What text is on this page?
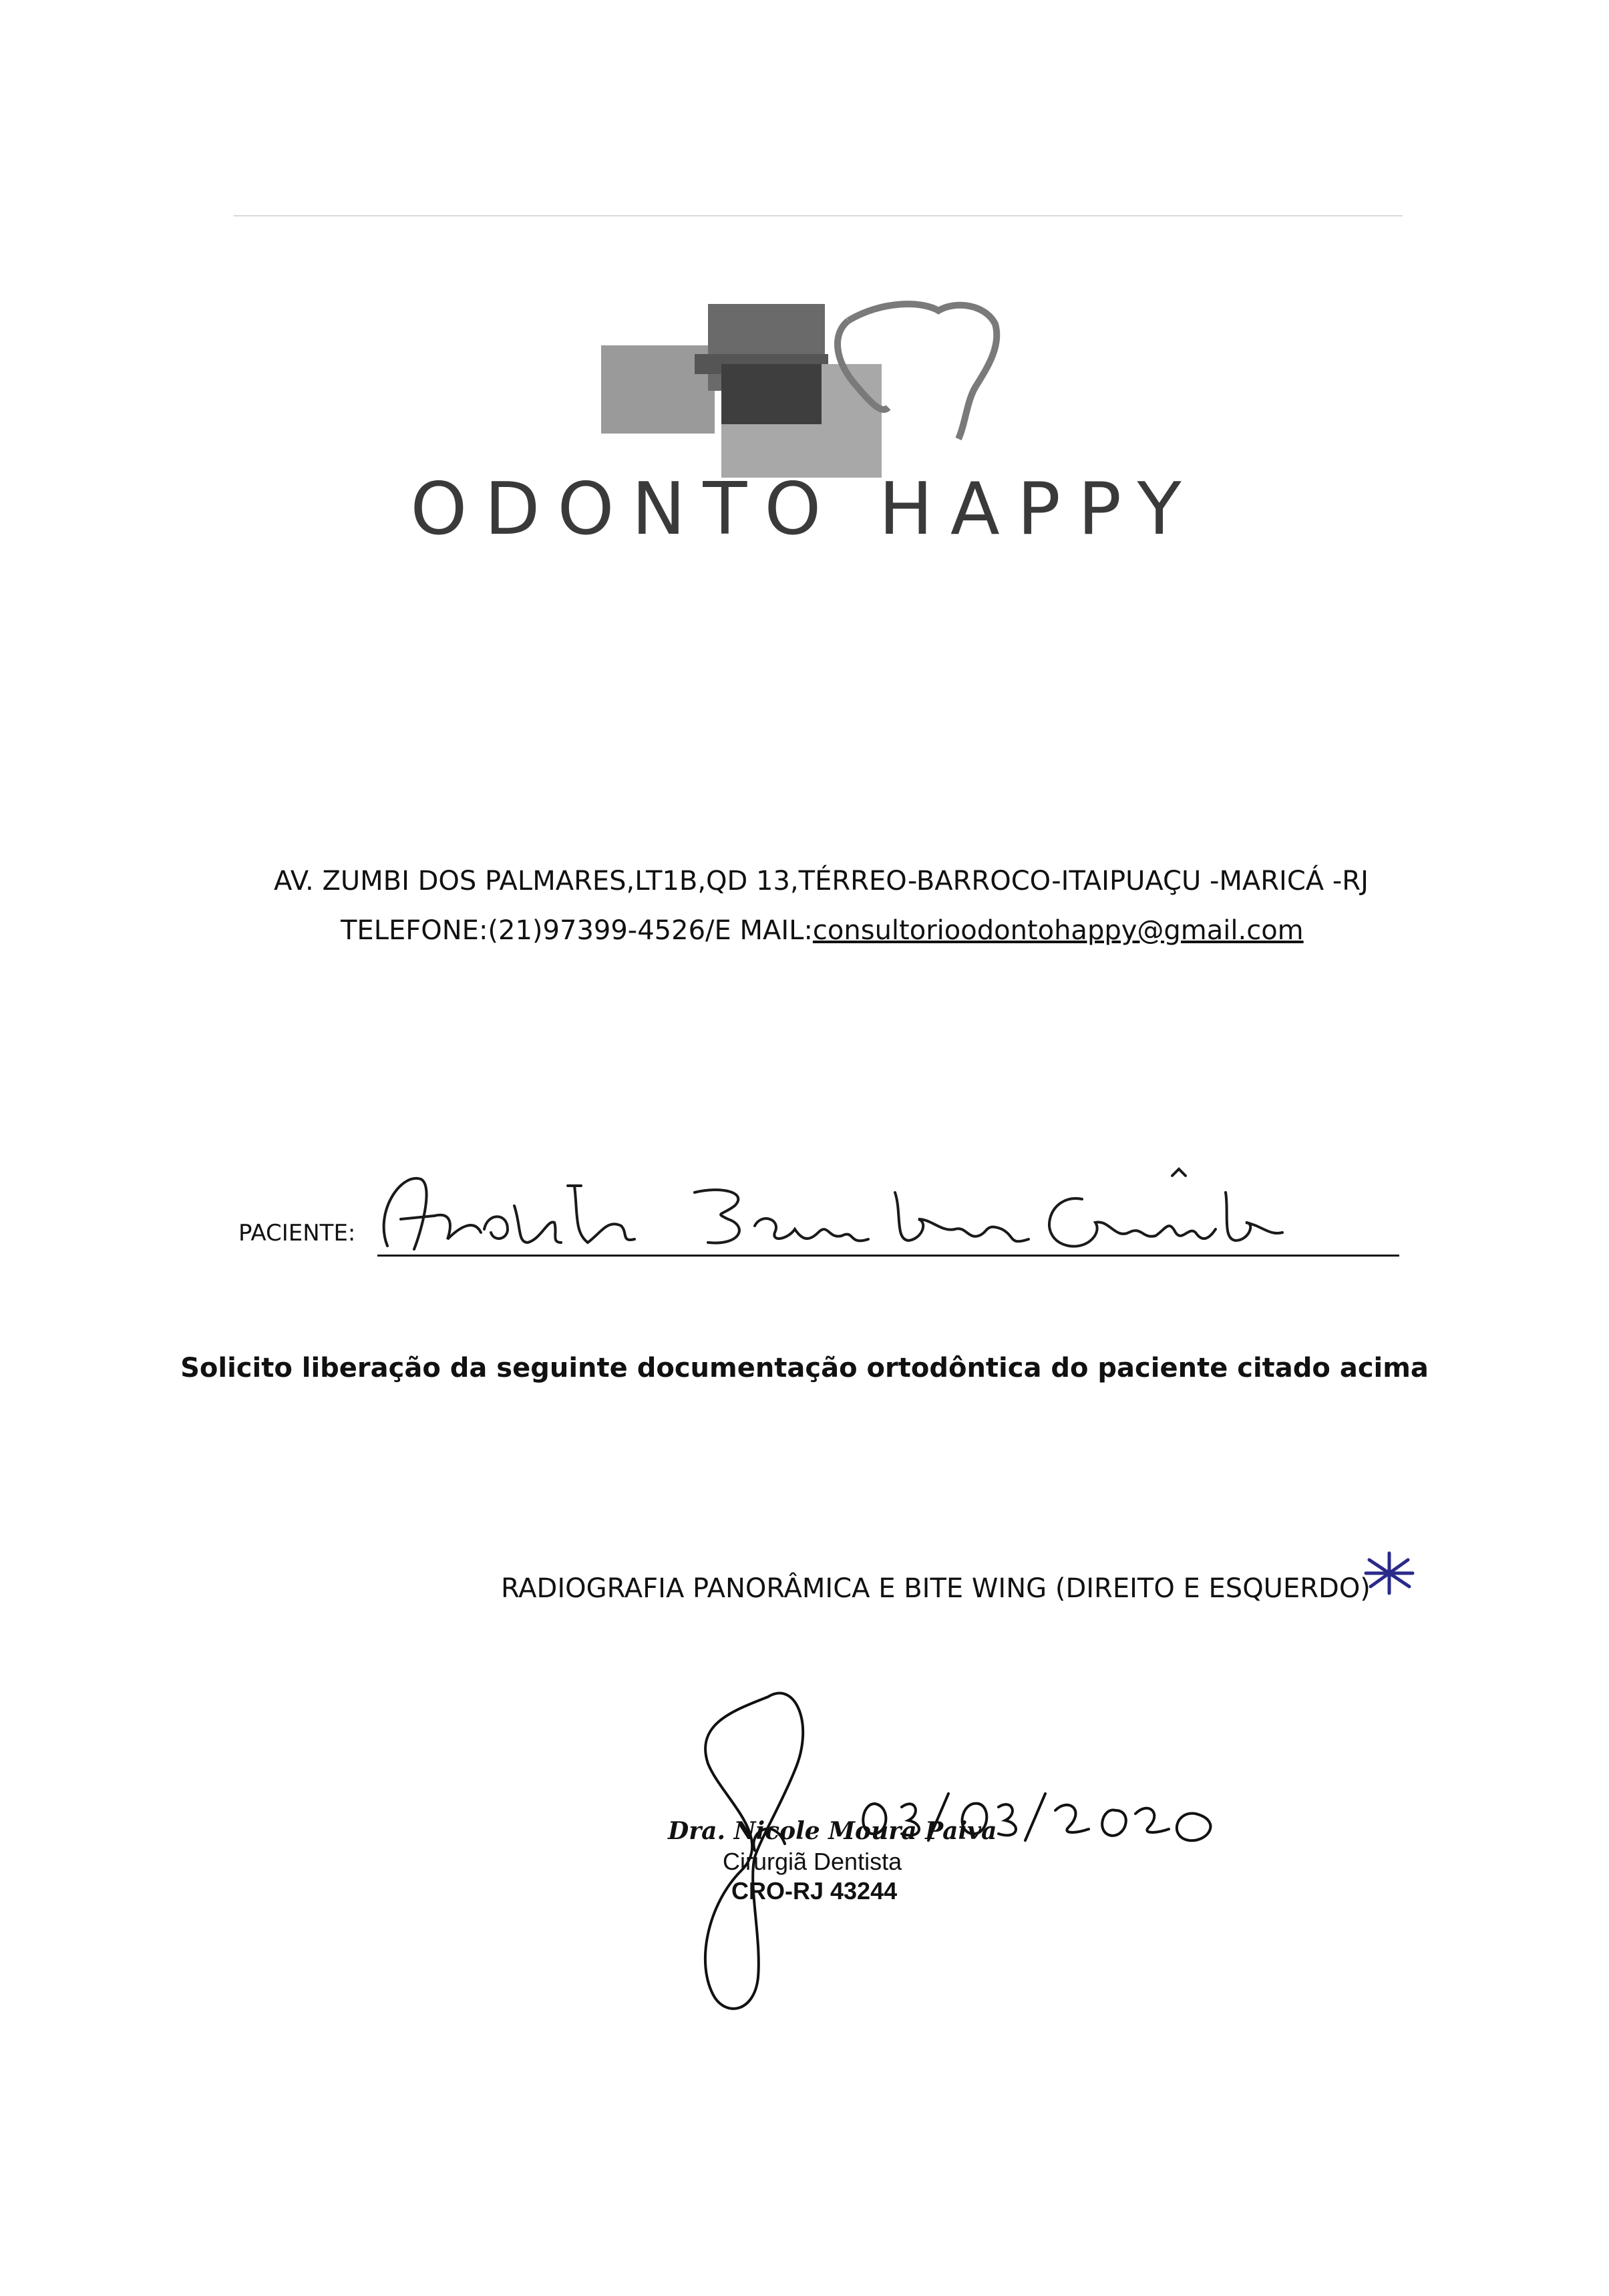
ODONTO HAPPY
AV. ZUMBI DOS PALMARES,LT1B,QD 13,TÉRREO-BARROCO-ITAIPUAÇU -MARICÁ -RJ
TELEFONE:(21)97399-4526/E MAIL:consultorioodontohappy@gmail.com
PACIENTE:
Solicito liberação da seguinte documentação ortodôntica do paciente citado acima
RADIOGRAFIA PANORÂMICA E BITE WING (DIREITO E ESQUERDO)
Dra. Nicole Moura Paiva
Cirurgiã Dentista
CRO-RJ 43244
